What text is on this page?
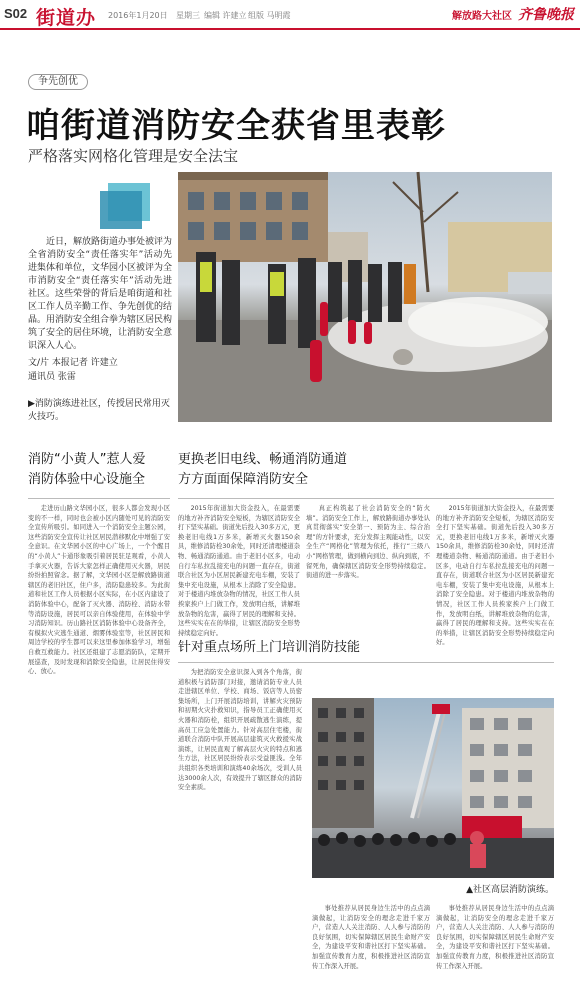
S02 街道办 2016年1月20日 星期三 编辑 许建立 组版 马明霞	解放路大社区 齐鲁晚报
争先创优
咱街道消防安全获省里表彰
严格落实网格化管理是安全法宝
近日，解放路街道办事处被评为全省消防安全“责任落实年”活动先进集体和单位，文华园小区被评为全市消防安全“责任落实年”活动先进社区。这些荣誉的背后是咱街道和社区工作人员辛勤工作、争先创优的结晶。用消防安全组合拳为辖区居民构筑了安全的居住环境，让消防安全意识深入人心。
文/片 本报记者 许建立
通讯员 张雷
▶消防演练进社区，传授居民常用灭火技巧。
消防“小黄人”惹人爱
消防体验中心设施全
走进历山路文华园小区，很多人都会发现小区变的不一样，同时也会被小区内随处可见的消防安全宣传所吸引。如同进入一个消防安全主题公园，这些消防安全宣传让社区居民潜移默化中增强了安全意识。在文华园小区的中心广场上，一个个醒目的“小黄人”卡通形象吸引着居民驻足观看，小黄人手拿灭火器，告诉大家怎样正确使用灭火器，居民纷纷拍照留念。据了解，文华园小区是解放路街道辖区的老旧社区，住户多，消防隐患较多。为此街道和社区工作人员根据小区实际，在小区内建设了消防体验中心，配备了灭火器、消防栓、消防水带等消防设施，居民可以亲自体验使用，在体验中学习消防知识。历山路社区消防体验中心设备齐全，有模拟火灾逃生通道、烟雾体验室等，社区居民和周边学校的学生都可以来这里参加体验学习，增强自救互救能力。社区还组建了志愿消防队，定期开展巡查，及时发现和消除安全隐患，让居民住得安心、放心。
更换老旧电线、畅通消防通道
方方面面保障消防安全
2015年街道加大资金投入，在最需要的地方补齐消防安全短板，为辖区消防安全打下坚实基础。街道先后投入30多万元，更换老旧电线1万多米，新增灭火器150余具，维修消防栓30余处，同时还清理楼道杂物、畅通消防通道。由于老旧小区多，电动自行车私拉乱接充电的问题一直存在，街道联合社区为小区居民新建充电车棚，安装了集中充电设施，从根本上消除了安全隐患。对于楼道内堆放杂物的情况，社区工作人员挨家挨户上门做工作，发放明白纸，讲解堆放杂物的危害，赢得了居民的理解和支持。这些实实在在的举措，让辖区消防安全形势持续稳定向好。
真正构筑起了社会消防安全的“防火墙”。消防安全工作上，解放路街道办事处认真贯彻落实“安全第一、预防为主、综合治理”的方针要求，充分发挥主观能动性，以安全生产“网格化”管理为依托，推行“三级八小”网格管理，做到横向到边、纵向到底，不留死角，确保辖区消防安全形势持续稳定。街道的进一步落实。
2015年街道加大资金投入，在最需要的地方补齐消防安全短板，为辖区消防安全打下坚实基础。街道先后投入30多万元，更换老旧电线1万多米，新增灭火器150余具，维修消防栓30余处，同时还清理楼道杂物、畅通消防通道。由于老旧小区多，电动自行车私拉乱接充电的问题一直存在，街道联合社区为小区居民新建充电车棚，安装了集中充电设施，从根本上消除了安全隐患。对于楼道内堆放杂物的情况，社区工作人员挨家挨户上门做工作，发放明白纸，讲解堆放杂物的危害，赢得了居民的理解和支持。这些实实在在的举措，让辖区消防安全形势持续稳定向好。
针对重点场所上门培训消防技能
为把消防安全意识深入到各个角落，街道积极与消防部门对接，邀请消防专业人员走进辖区单位、学校、商场、饭店等人员密集场所，上门开展消防培训，讲解火灾预防和初期火灾扑救知识，指导员工正确使用灭火器和消防栓，组织开展疏散逃生演练，提高员工应急处置能力。针对高层住宅楼，街道联合消防中队开展高层建筑灭火救援实战演练，让居民直观了解高层火灾的特点和逃生方法，社区居民纷纷表示受益匪浅。全年共组织各类培训和演练40余场次，受训人员达3000余人次，有效提升了辖区群众的消防安全素质。
▲社区高层消防演练。
事处推荐从居民身边生活中的点点滴滴做起，让消防安全的理念走进千家万户，营造人人关注消防、人人参与消防的良好氛围，切实保障辖区居民生命财产安全，为建设平安和谐社区打下坚实基础。加强宣传教育力度，积极推进社区消防宣传工作深入开展。
事处推荐从居民身边生活中的点点滴滴做起，让消防安全的理念走进千家万户，营造人人关注消防、人人参与消防的良好氛围，切实保障辖区居民生命财产安全，为建设平安和谐社区打下坚实基础。加强宣传教育力度，积极推进社区消防宣传工作深入开展。
